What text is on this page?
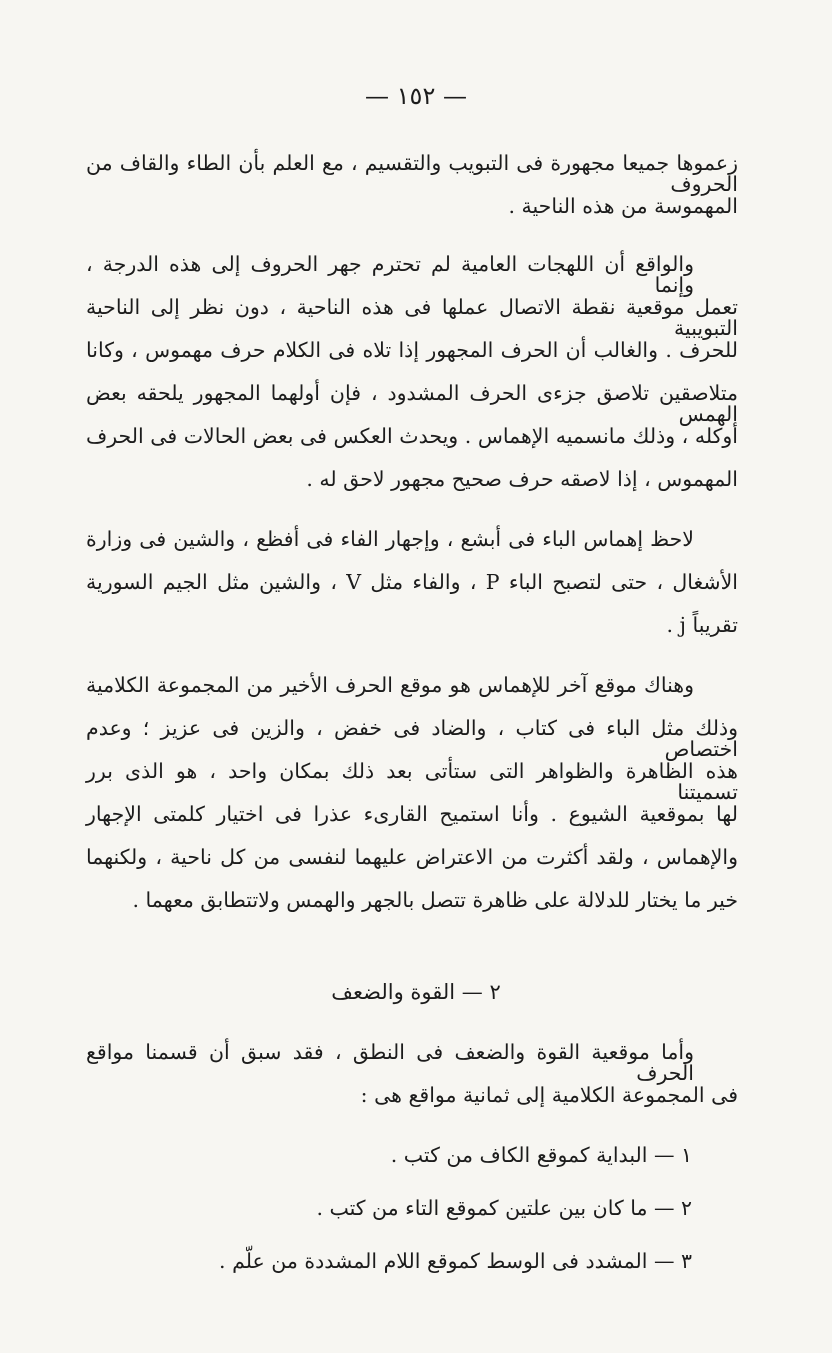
— ١٥٢ —
زعموها جميعا مجهورة فى التبويب والتقسيم ، مع العلم بأن الطاء والقاف من الحروف
المهموسة من هذه الناحية .
والواقع أن اللهجات العامية لم تحترم جهر الحروف إلى هذه الدرجة ، وإنما
تعمل موقعية نقطة الاتصال عملها فى هذه الناحية ، دون نظر إلى الناحية التبويبية
للحرف . والغالب أن الحرف المجهور إذا تلاه فى الكلام حرف مهموس ، وكانا
متلاصقين تلاصق جزءى الحرف المشدود ، فإن أولهما المجهور يلحقه بعض الهمس
أوكله ، وذلك مانسميه الإهماس . ويحدث العكس فى بعض الحالات فى الحرف
المهموس ، إذا لاصقه حرف صحيح مجهور لاحق له .
لاحظ إهماس الباء فى أبشع ، وإجهار الفاء فى أفظع ، والشين فى وزارة
الأشغال ، حتى لتصبح الباء P ، والفاء مثل V ، والشين مثل الجيم السورية
تقريباً j .
وهناك موقع آخر للإهماس هو موقع الحرف الأخير من المجموعة الكلامية
وذلك مثل الباء فى كتاب ، والضاد فى خفض ، والزين فى عزيز ؛ وعدم اختصاص
هذه الظاهرة والظواهر التى ستأتى بعد ذلك بمكان واحد ، هو الذى برر تسميتنا
لها بموقعية الشيوع . وأنا استميح القارىء عذرا فى اختيار كلمتى الإجهار
والإهماس ، ولقد أكثرت من الاعتراض عليهما لنفسى من كل ناحية ، ولكنهما
خير ما يختار للدلالة على ظاهرة تتصل بالجهر والهمس ولاتتطابق معهما .
٢ — القوة والضعف
وأما موقعية القوة والضعف فى النطق ، فقد سبق أن قسمنا مواقع الحرف
فى المجموعة الكلامية إلى ثمانية مواقع هى :
١ — البداية كموقع الكاف من كتب .
٢ — ما كان بين علتين كموقع التاء من كتب .
٣ — المشدد فى الوسط كموقع اللام المشددة من علّم .
